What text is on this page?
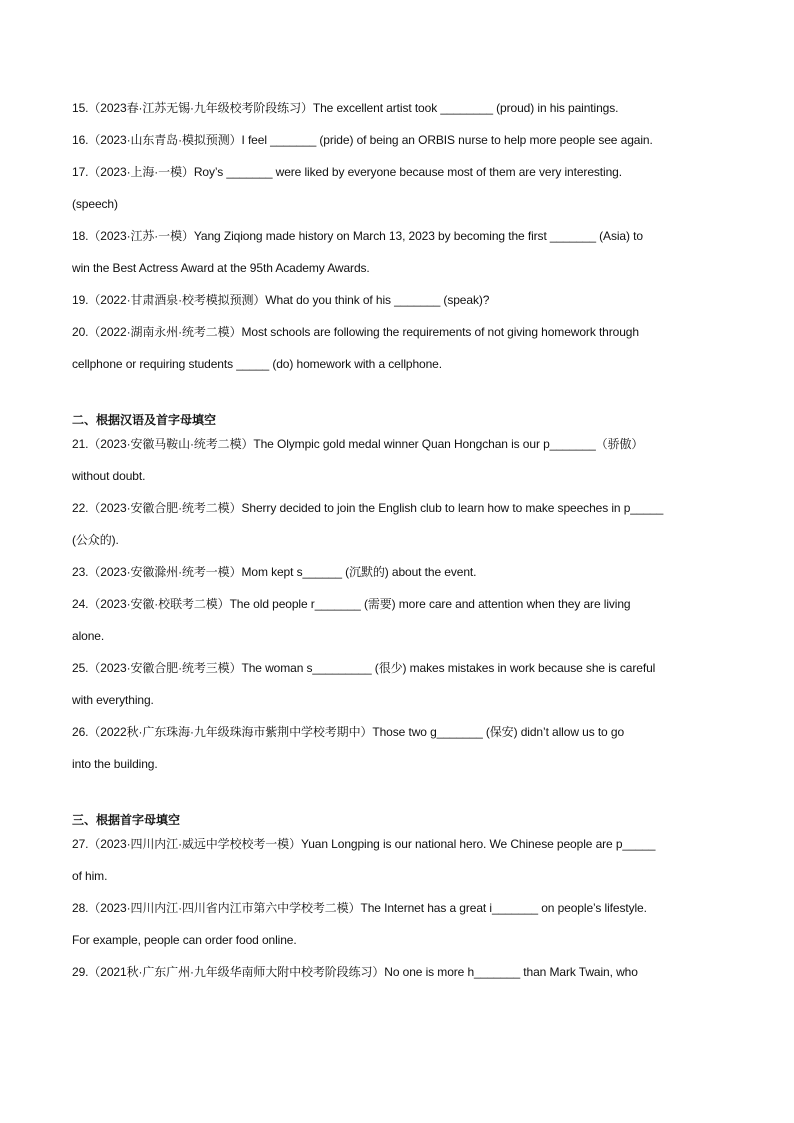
15.（2023春·江苏无锡·九年级校考阶段练习）The excellent artist took ________ (proud) in his paintings.
16.（2023·山东青岛·模拟预测）I feel _______ (pride) of being an ORBIS nurse to help more people see again.
17.（2023·上海·一模）Roy’s _______ were liked by everyone because most of them are very interesting.
(speech)
18.（2023·江苏·一模）Yang Ziqiong made history on March 13, 2023 by becoming the first _______ (Asia) to
win the Best Actress Award at the 95th Academy Awards.
19.（2022·甘肃酒泉·校考模拟预测）What do you think of his _______ (speak)?
20.（2022·湖南永州·统考二模）Most schools are following the requirements of not giving homework through
cellphone or requiring students _____ (do) homework with a cellphone.
二、根据汉语及首字母填空
21.（2023·安徽马鞍山·统考二模）The Olympic gold medal winner Quan Hongchan is our p_______（骄傲）
without doubt.
22.（2023·安徽合肥·统考二模）Sherry decided to join the English club to learn how to make speeches in p_____
(公众的).
23.（2023·安徽滁州·统考一模）Mom kept s______ (沉默的) about the event.
24.（2023·安徽·校联考二模）The old people r_______ (需要) more care and attention when they are living
alone.
25.（2023·安徽合肥·统考三模）The woman s_________ (很少) makes mistakes in work because she is careful
with everything.
26.（2022秋·广东珠海·九年级珠海市紫荆中学校考期中）Those two g_______ (保安) didn’t allow us to go
into the building.
三、根据首字母填空
27.（2023·四川内江·威远中学校校考一模）Yuan Longping is our national hero. We Chinese people are p_____
of him.
28.（2023·四川内江·四川省内江市第六中学校考二模）The Internet has a great i_______ on people’s lifestyle.
For example, people can order food online.
29.（2021秋·广东广州·九年级华南师大附中校考阶段练习）No one is more h_______ than Mark Twain, who
